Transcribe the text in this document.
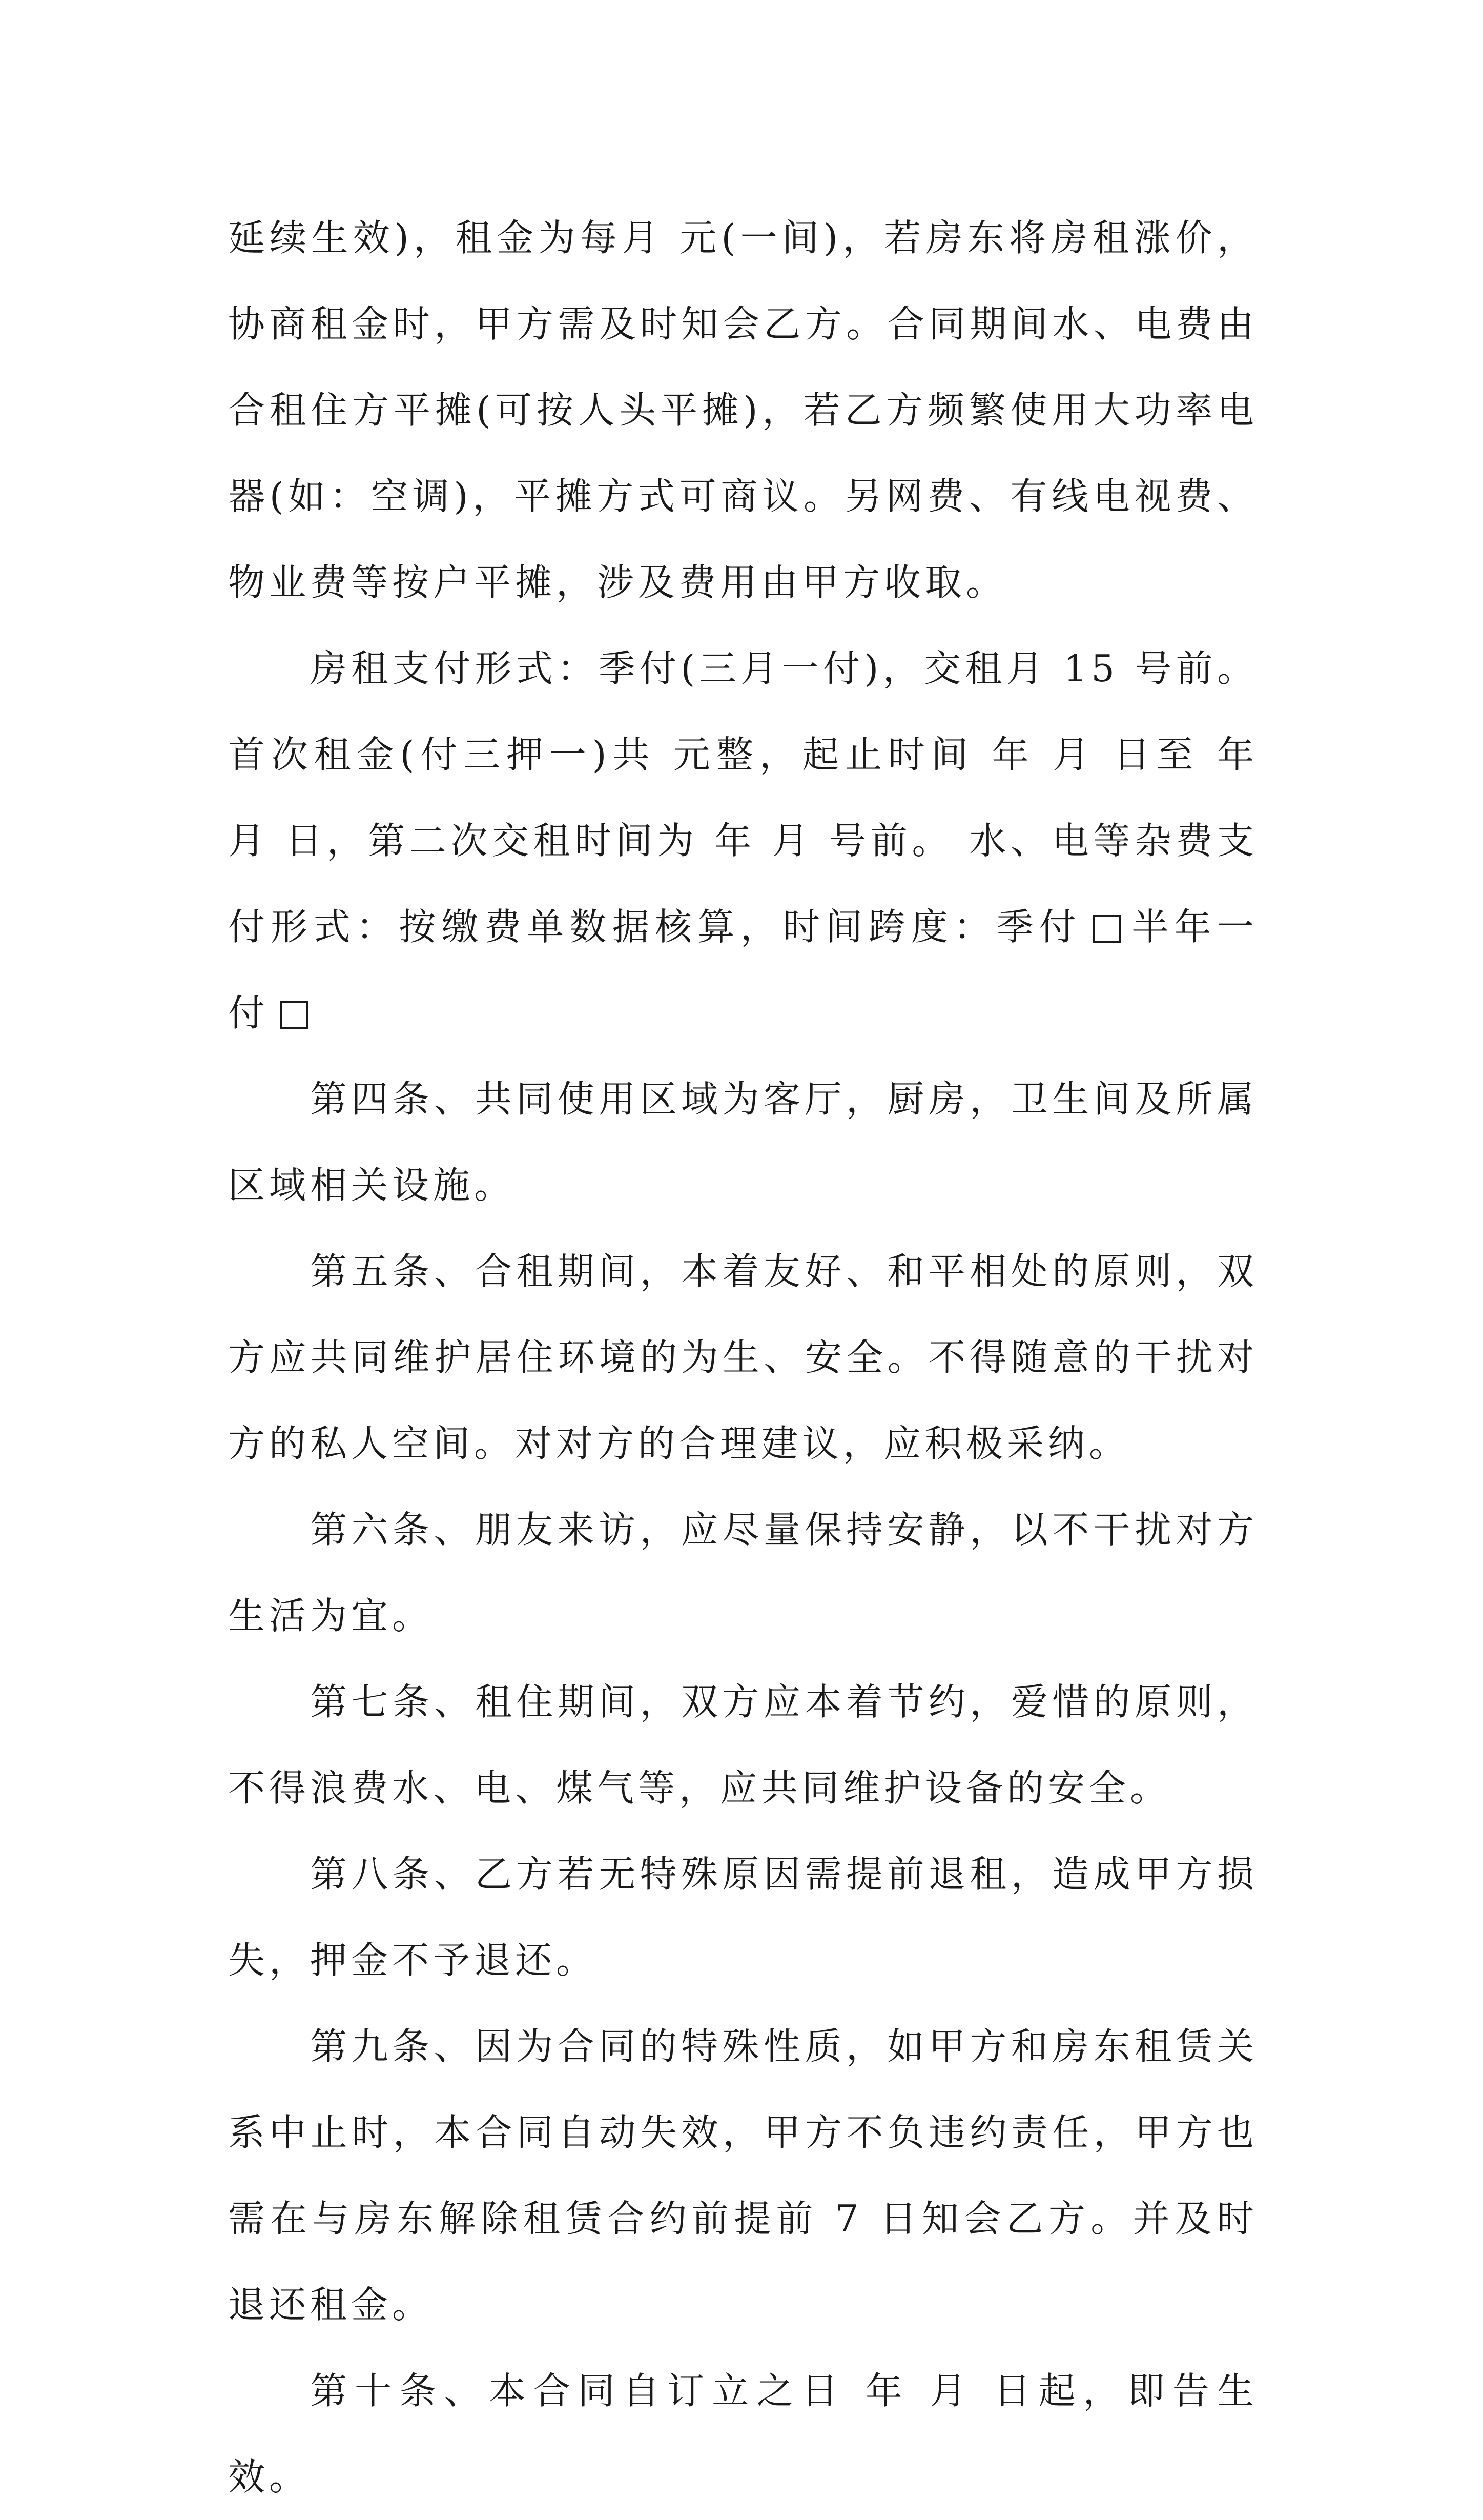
延续生效)，租金为每月 元(一间)，若房东将房租涨价，协商租金时，甲方需及时知会乙方。合同期间水、电费由合租住方平摊(可按人头平摊)，若乙方频繁使用大功率电器(如：空调)，平摊方式可商议。另网费、有线电视费、物业费等按户平摊，涉及费用由甲方收取。

房租支付形式：季付(三月一付)，交租月 15 号前。首次租金(付三押一)共 元整，起止时间 年 月 日至 年 月 日，第二次交租时间为 年 月 号前。 水、电等杂费支付形式：按缴费单数据核算，时间跨度：季付 半年一付

第四条、共同使用区域为客厅，厨房，卫生间及所属区域相关设施。

第五条、合租期间，本着友好、和平相处的原则，双方应共同维护居住环境的为生、安全。不得随意的干扰对方的私人空间。对对方的合理建议，应积极采纳。

第六条、朋友来访，应尽量保持安静，以不干扰对方生活为宜。

第七条、租住期间，双方应本着节约，爱惜的原则，不得浪费水、电、煤气等，应共同维护设备的安全。

第八条、乙方若无特殊原因需提前退租，造成甲方损失，押金不予退还。

第九条、因为合同的特殊性质，如甲方和房东租赁关系中止时，本合同自动失效，甲方不负违约责任，甲方也需在与房东解除租赁合约前提前 7 日知会乙方。并及时退还租金。

第十条、本合同自订立之日 年 月 日起，即告生效。
